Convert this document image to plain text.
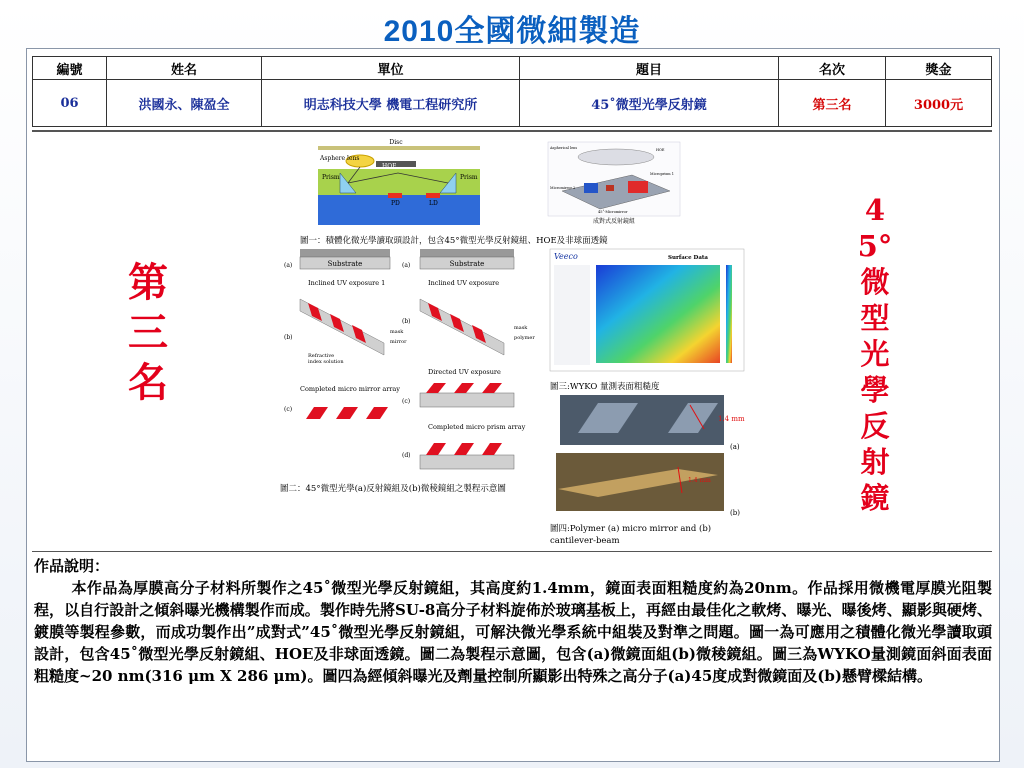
2010全國微細製造
編號	姓名	單位	題目	名次	獎金
06	洪國永、陳盈全	明志科技大學 機電工程研究所	45˚微型光學反射鏡	第三名	3000元
第三名
45°微型光學反射鏡
Disc
Asphere lens
HOE
Prism	Prism
PD	LD
Aspherical lens	HOE
Microprism 1
Micromirror 2
45˚-Micromirror
成對式反射鏡組
圖一：積體化微光學讀取頭設計，包含45°微型光學反射鏡組、HOE及非球面透鏡
Substrate
(a)
Inclined UV exposure 1
(b)
mask
mirror
Refractive
index solution
Completed micro mirror array
(c)
Substrate
(a)
Inclined UV exposure
(b)
mask
polymer
Directed UV exposure
(c)
Completed micro prism array
(d)
圖二：45°微型光學(a)反射鏡組及(b)微稜鏡組之製程示意圖
Veeco	Surface Data
圖三:WYKO 量測表面粗糙度
1.4 mm
(a)
1.4 mm
(b)
圖四:Polymer (a) micro mirror and (b)
cantilever-beam

作品說明：

本作品為厚膜高分子材料所製作之45˚微型光學反射鏡組，其高度約1.4mm，鏡面表面粗糙度約為20nm。作品採用微機電厚膜光阻製程，以自行設計之傾斜曝光機構製作而成。製作時先將SU-8高分子材料旋佈於玻璃基板上，再經由最佳化之軟烤、曝光、曝後烤、顯影與硬烤、鍍膜等製程參數，而成功製作出”成對式”45˚微型光學反射鏡組，可解決微光學系統中組裝及對準之問題。圖一為可應用之積體化微光學讀取頭設計，包含45˚微型光學反射鏡組、HOE及非球面透鏡。圖二為製程示意圖，包含(a)微鏡面組(b)微稜鏡組。圖三為WYKO量測鏡面斜面表面粗糙度~20 nm(316 μm X 286 μm)。圖四為經傾斜曝光及劑量控制所顯影出特殊之高分子(a)45度成對微鏡面及(b)懸臂樑結構。
